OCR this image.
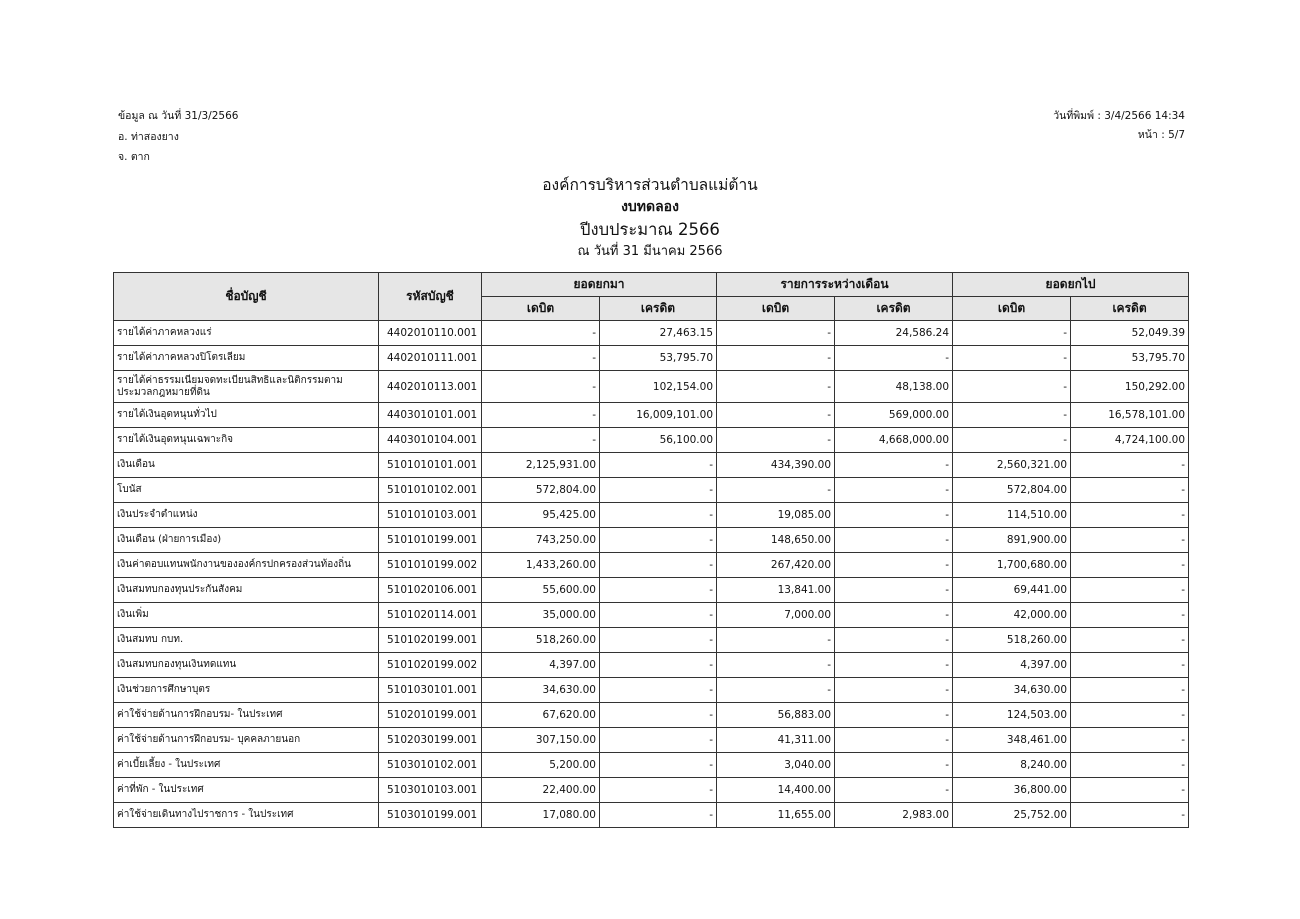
ข้อมูล ณ วันที่ 31/3/2566
อ. ท่าสองยาง
จ. ตาก
วันที่พิมพ์ : 3/4/2566 14:34
หน้า : 5/7
องค์การบริหารส่วนตำบลแม่ต้าน
งบทดลอง
ปีงบประมาณ 2566
ณ วันที่ 31 มีนาคม 2566
ชื่อบัญชี	รหัสบัญชี	ยอดยกมา		รายการระหว่างเดือน		ยอดยกไป	
		เดบิต	เครดิต	เดบิต	เครดิต	เดบิต	เครดิต
รายได้ค่าภาคหลวงแร่	4402010110.001	-	27,463.15	-	24,586.24	-	52,049.39
รายได้ค่าภาคหลวงปิโตรเลียม	4402010111.001	-	53,795.70	-	-	-	53,795.70
รายได้ค่าธรรมเนียมจดทะเบียนสิทธิและนิติกรรมตามประมวลกฎหมายที่ดิน	4402010113.001	-	102,154.00	-	48,138.00	-	150,292.00
รายได้เงินอุดหนุนทั่วไป	4403010101.001	-	16,009,101.00	-	569,000.00	-	16,578,101.00
รายได้เงินอุดหนุนเฉพาะกิจ	4403010104.001	-	56,100.00	-	4,668,000.00	-	4,724,100.00
เงินเดือน	5101010101.001	2,125,931.00	-	434,390.00	-	2,560,321.00	-
โบนัส	5101010102.001	572,804.00	-	-	-	572,804.00	-
เงินประจำตำแหน่ง	5101010103.001	95,425.00	-	19,085.00	-	114,510.00	-
เงินเดือน (ฝ่ายการเมือง)	5101010199.001	743,250.00	-	148,650.00	-	891,900.00	-
เงินค่าตอบแทนพนักงานขององค์กรปกครองส่วนท้องถิ่น	5101010199.002	1,433,260.00	-	267,420.00	-	1,700,680.00	-
เงินสมทบกองทุนประกันสังคม	5101020106.001	55,600.00	-	13,841.00	-	69,441.00	-
เงินเพิ่ม	5101020114.001	35,000.00	-	7,000.00	-	42,000.00	-
เงินสมทบ กบท.	5101020199.001	518,260.00	-	-	-	518,260.00	-
เงินสมทบกองทุนเงินทดแทน	5101020199.002	4,397.00	-	-	-	4,397.00	-
เงินช่วยการศึกษาบุตร	5101030101.001	34,630.00	-	-	-	34,630.00	-
ค่าใช้จ่ายด้านการฝึกอบรม- ในประเทศ	5102010199.001	67,620.00	-	56,883.00	-	124,503.00	-
ค่าใช้จ่ายด้านการฝึกอบรม- บุคคลภายนอก	5102030199.001	307,150.00	-	41,311.00	-	348,461.00	-
ค่าเบี้ยเลี้ยง - ในประเทศ	5103010102.001	5,200.00	-	3,040.00	-	8,240.00	-
ค่าที่พัก - ในประเทศ	5103010103.001	22,400.00	-	14,400.00	-	36,800.00	-
ค่าใช้จ่ายเดินทางไปราชการ - ในประเทศ	5103010199.001	17,080.00	-	11,655.00	2,983.00	25,752.00	-
